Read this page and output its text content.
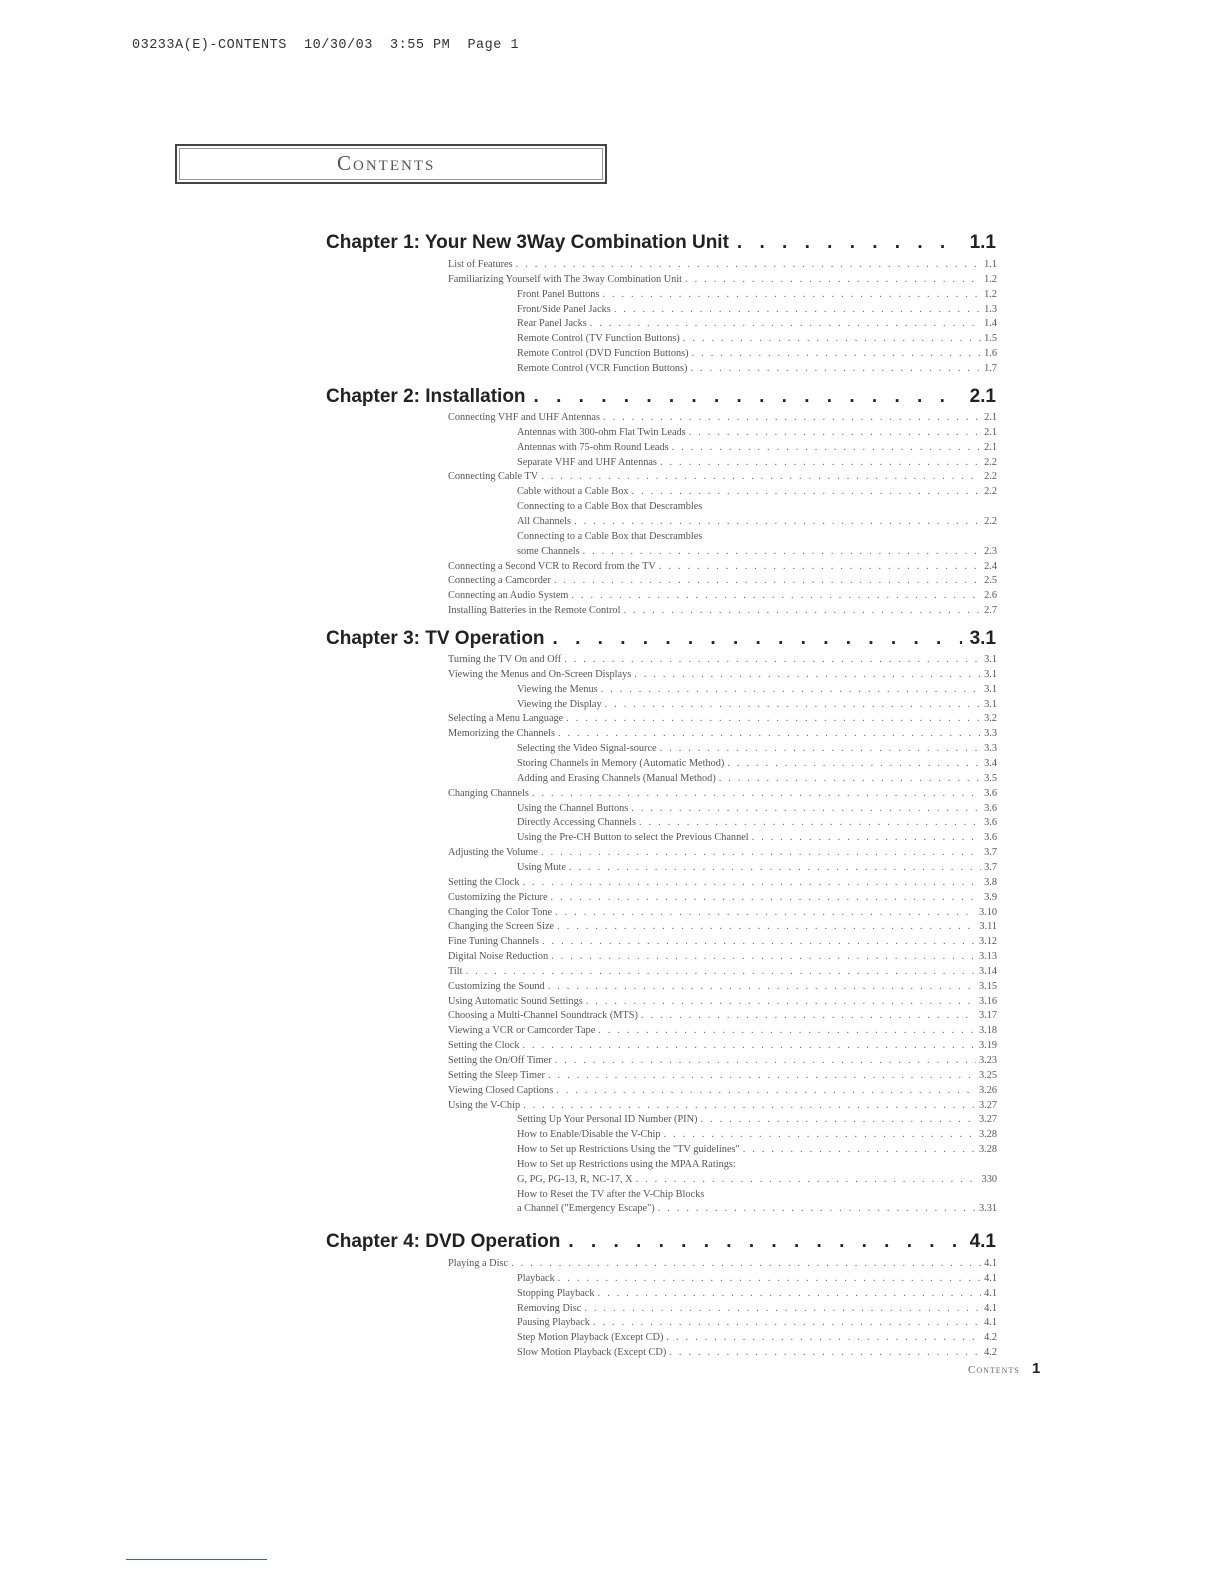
03233A(E)-CONTENTS  10/30/03  3:55 PM  Page 1
Contents
Chapter 1: Your New 3Way Combination Unit . . .	1.1
List of Features . . .	1.1
Familiarizing Yourself with The 3way Combination Unit . . .	1.2
Front Panel Buttons . . .	1.2
Front/Side Panel Jacks . . .	1.3
Rear Panel Jacks . . .	1.4
Remote Control (TV Function Buttons) . . .	1.5
Remote Control (DVD Function Buttons) . . .	1.6
Remote Control (VCR Function Buttons) . . .	1.7
Chapter 2: Installation . . .	2.1
Connecting VHF and UHF Antennas . . .	2.1
Antennas with 300-ohm Flat Twin Leads . . .	2.1
Antennas with 75-ohm Round Leads . . .	2.1
Separate VHF and UHF Antennas . . .	2.2
Connecting Cable TV . . .	2.2
Cable without a Cable Box . . .	2.2
Connecting to a Cable Box that Descrambles
All Channels . . .	2.2
Connecting to a Cable Box that Descrambles
some Channels . . .	2.3
Connecting a Second VCR to Record from the TV . . .	2.4
Connecting a Camcorder . . .	2.5
Connecting an Audio System . . .	2.6
Installing Batteries in the Remote Control . . .	2.7
Chapter 3: TV Operation . . .	3.1
Turning the TV On and Off . . .	3.1
Viewing the Menus and On-Screen Displays . . .	3.1
Viewing the Menus . . .	3.1
Viewing the Display . . .	3.1
Selecting a Menu Language . . .	3.2
Memorizing the Channels . . .	3.3
Selecting the Video Signal-source . . .	3.3
Storing Channels in Memory (Automatic Method) . . .	3.4
Adding and Erasing Channels (Manual Method) . . .	3.5
Changing Channels . . .	3.6
Using the Channel Buttons . . .	3.6
Directly Accessing Channels . . .	3.6
Using the Pre-CH Button to select the Previous Channel . . .	3.6
Adjusting the Volume . . .	3.7
Using Mute . . .	3.7
Setting the Clock . . .	3.8
Customizing the Picture . . .	3.9
Changing the Color Tone . . .	3.10
Changing the Screen Size . . .	3.11
Fine Tuning Channels . . .	3.12
Digital Noise Reduction . . .	3.13
Tilt . . .	3.14
Customizing the Sound . . .	3.15
Using Automatic Sound Settings . . .	3.16
Choosing a Multi-Channel Soundtrack (MTS) . . .	3.17
Viewing a VCR or Camcorder Tape . . .	3.18
Setting the Clock . . .	3.19
Setting the On/Off Timer . . .	3.23
Setting the Sleep Timer . . .	3.25
Viewing Closed Captions . . .	3.26
Using the V-Chip . . .	3.27
Setting Up Your Personal ID Number (PIN) . . .	3.27
How to Enable/Disable the V-Chip . . .	3.28
How to Set up Restrictions Using the "TV guidelines" . . .	3.28
How to Set up Restrictions using the MPAA Ratings:
G, PG, PG-13, R, NC-17, X . . .	330
How to Reset the TV after the V-Chip Blocks
a Channel ("Emergency Escape") . . .	3.31
Chapter 4: DVD Operation . . .	4.1
Playing a Disc . . .	4.1
Playback . . .	4.1
Stopping Playback . . .	4.1
Removing Disc . . .	4.1
Pausing Playback . . .	4.1
Step Motion Playback (Except CD) . . .	4.2
Slow Motion Playback (Except CD) . . .	4.2
Contents 1
